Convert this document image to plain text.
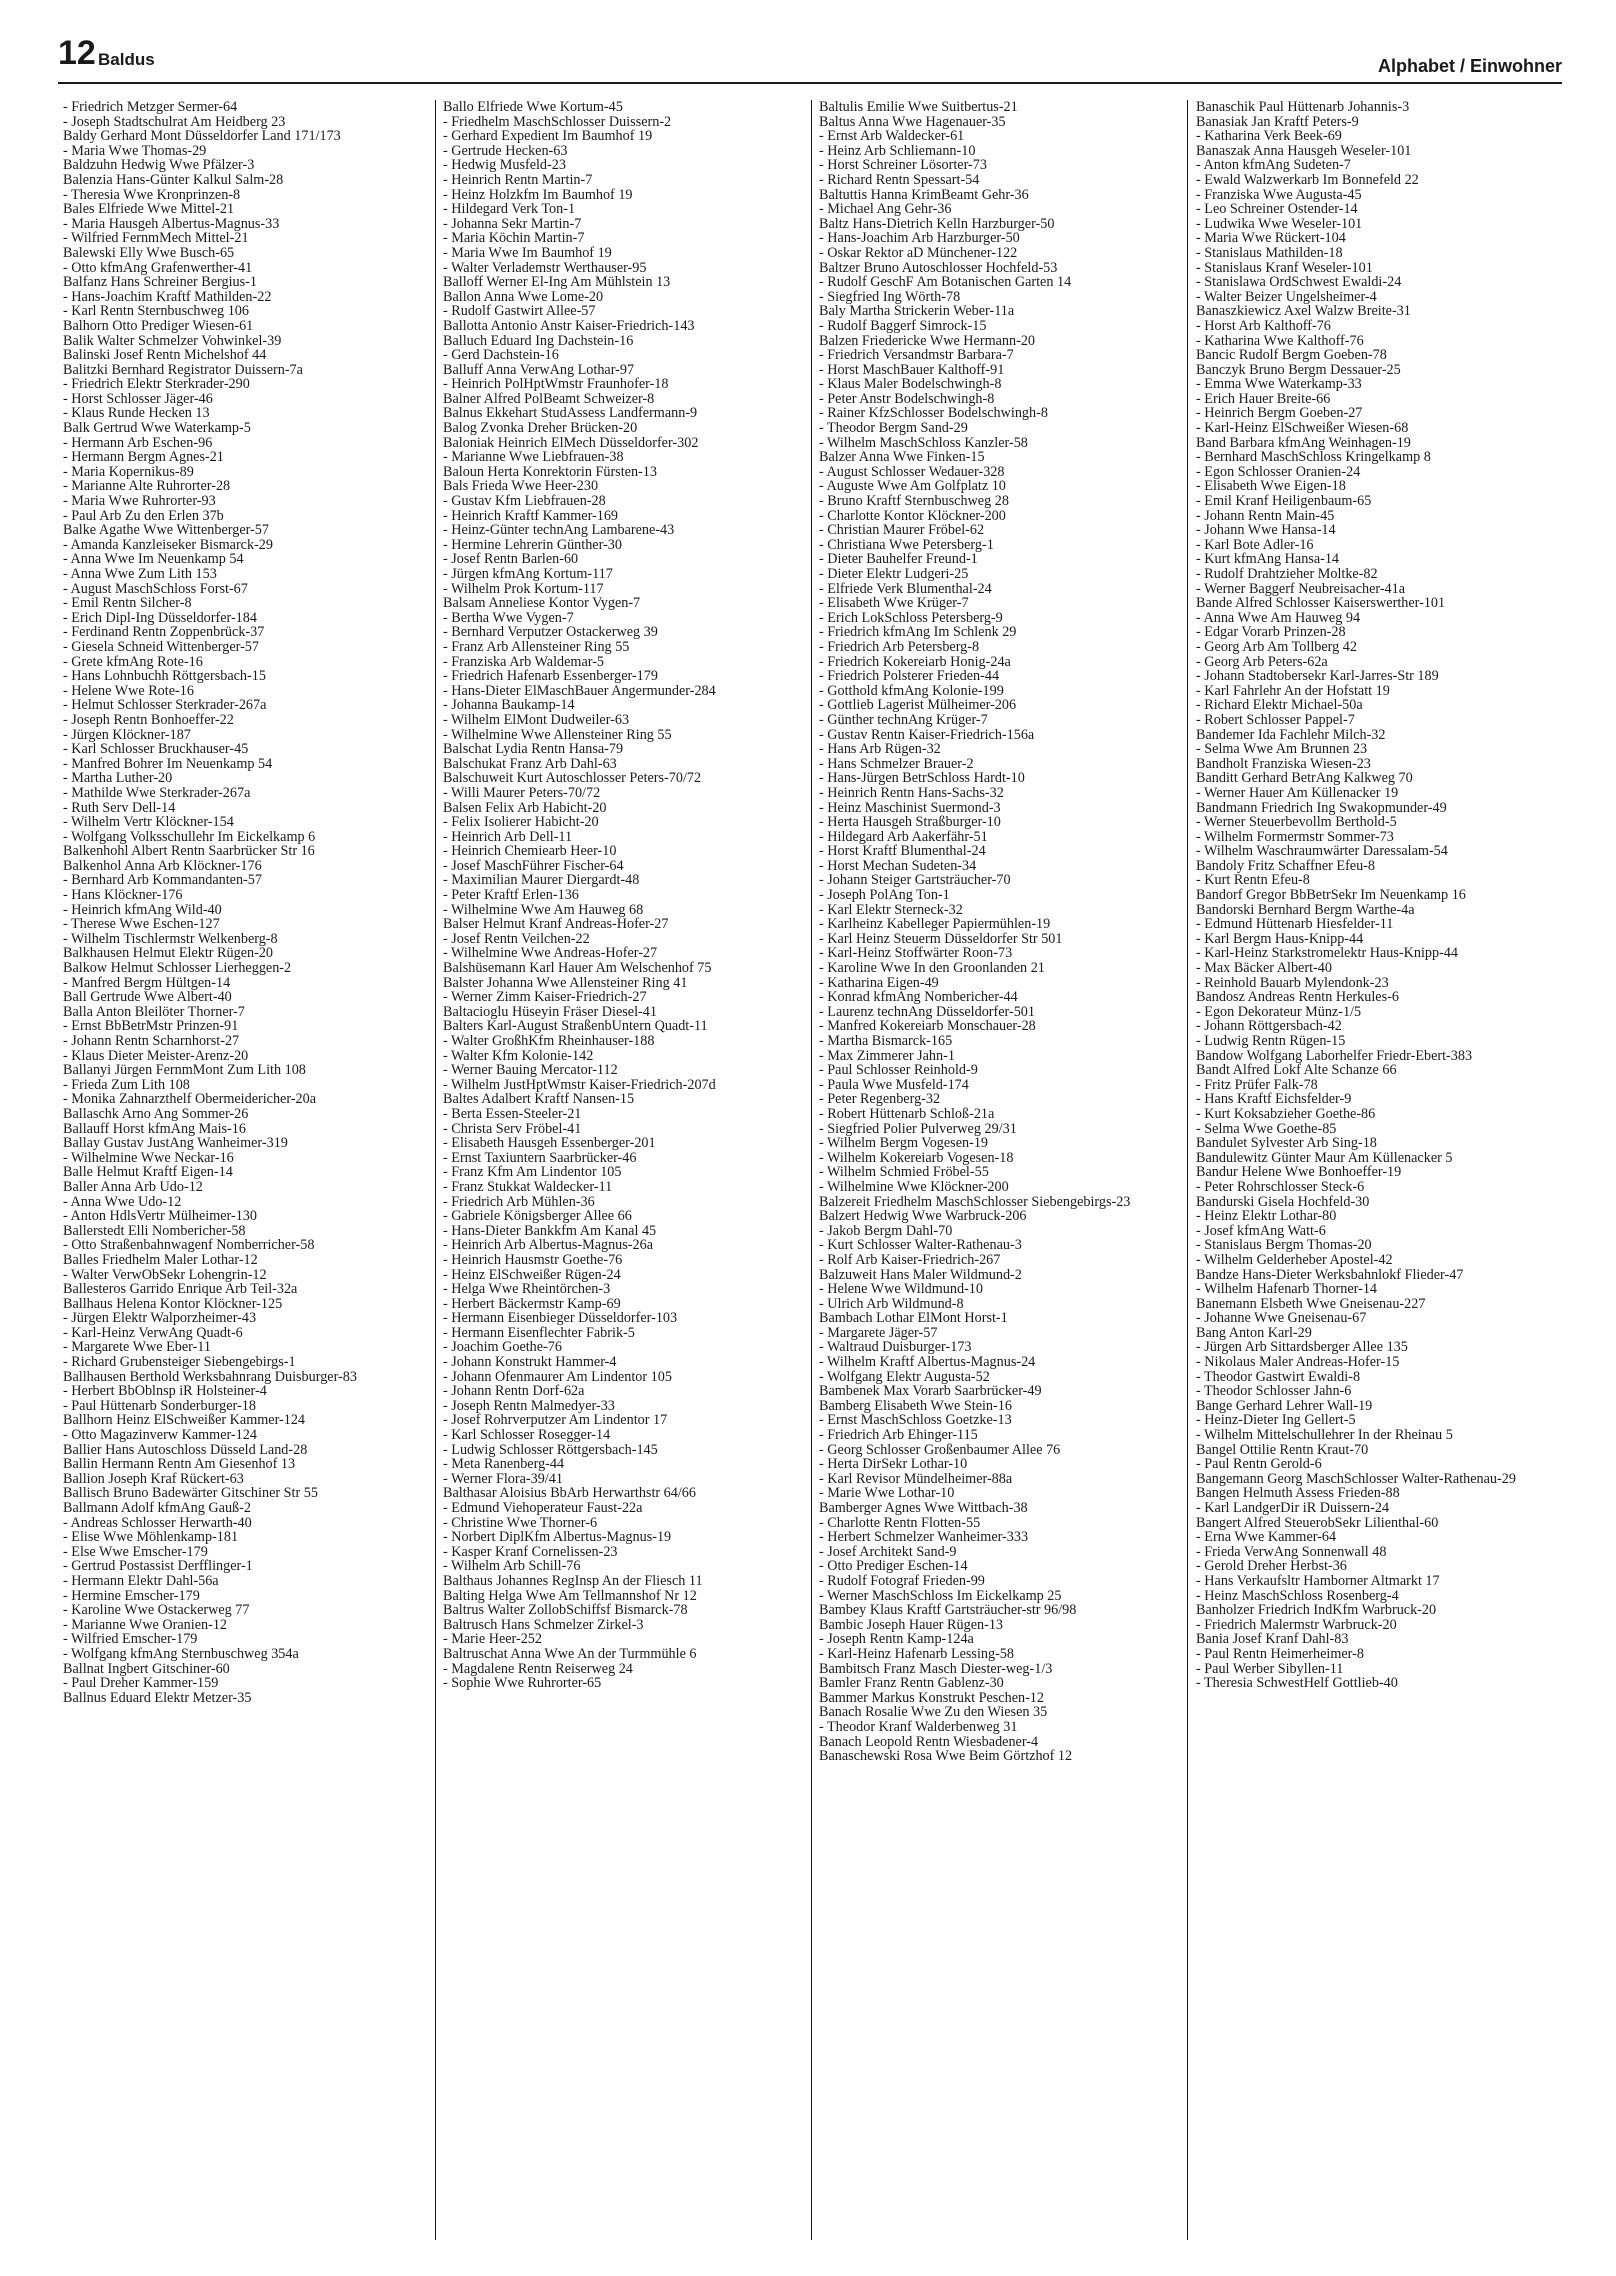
12 Baldus	Alphabet / Einwohner
- Friedrich Metzger Sermer-64
- Joseph Stadtschulrat Am Heidberg 23
Baldy Gerhard Mont Düsseldorfer Land 171/173
- Maria Wwe Thomas-29
Baldzuhn Hedwig Wwe Pfälzer-3
Balenzia Hans-Günter Kalkul Salm-28
- Theresia Wwe Kronprinzen-8
Bales Elfriede Wwe Mittel-21
- Maria Hausgeh Albertus-Magnus-33
- Wilfried FernmMech Mittel-21
Balewski Elly Wwe Busch-65
- Otto kfmAng Grafenwerther-41
Balfanz Hans Schreiner Bergius-1
- Hans-Joachim Kraftf Mathilden-22
- Karl Rentn Sternbuschweg 106
Balhorn Otto Prediger Wiesen-61
Balik Walter Schmelzer Vohwinkel-39
Balinski Josef Rentn Michelshof 44
Balitzki Bernhard Registrator Duissern-7a
- Friedrich Elektr Sterkrader-290
- Horst Schlosser Jäger-46
- Klaus Runde Hecken 13
Balk Gertrud Wwe Waterkamp-5
- Hermann Arb Eschen-96
- Hermann Bergm Agnes-21
- Maria Kopernikus-89
- Marianne Alte Ruhrorter-28
- Maria Wwe Ruhrorter-93
- Paul Arb Zu den Erlen 37b
Balke Agathe Wwe Wittenberger-57
- Amanda Kanzleiseker Bismarck-29
- Anna Wwe Im Neuenkamp 54
- Anna Wwe Zum Lith 153
- August MaschSchloss Forst-67
- Emil Rentn Silcher-8
- Erich Dipl-Ing Düsseldorfer-184
- Ferdinand Rentn Zoppenbrück-37
- Giesela Schneid Wittenberger-57
- Grete kfmAng Rote-16
- Hans Lohnbuchh Röttgersbach-15
- Helene Wwe Rote-16
- Helmut Schlosser Sterkrader-267a
- Joseph Rentn Bonhoeffer-22
- Jürgen Klöckner-187
- Karl Schlosser Bruckhauser-45
- Manfred Bohrer Im Neuenkamp 54
- Martha Luther-20
- Mathilde Wwe Sterkrader-267a
- Ruth Serv Dell-14
- Wilhelm Vertr Klöckner-154
- Wolfgang Volksschullehr Im Eickelkamp 6
Balkenhohl Albert Rentn Saarbrücker Str 16
Balkenhol Anna Arb Klöckner-176
- Bernhard Arb Kommandanten-57
- Hans Klöckner-176
- Heinrich kfmAng Wild-40
- Therese Wwe Eschen-127
- Wilhelm Tischlermstr Welkenberg-8
Balkhausen Helmut Elektr Rügen-20
Balkow Helmut Schlosser Lierheggen-2
- Manfred Bergm Hültgen-14
Ball Gertrude Wwe Albert-40
Balla Anton Bleilöter Thorner-7
- Ernst BbBetrMstr Prinzen-91
- Johann Rentn Scharnhorst-27
- Klaus Dieter Meister-Arenz-20
Ballanyi Jürgen FernmMont Zum Lith 108
- Frieda Zum Lith 108
- Monika Zahnarzthelf Obermeidericher-20a
Ballaschk Arno Ang Sommer-26
Ballauff Horst kfmAng Mais-16
Ballay Gustav JustAng Wanheimer-319
- Wilhelmine Wwe Neckar-16
Balle Helmut Kraftf Eigen-14
Baller Anna Arb Udo-12
- Anna Wwe Udo-12
- Anton HdlsVertr Mülheimer-130
Ballerstedt Elli Nombericher-58
- Otto Straßenbahnwagenf Nomberricher-58
Balles Friedhelm Maler Lothar-12
- Walter VerwObSekr Lohengrin-12
Ballesteros Garrido Enrique Arb Teil-32a
Ballhaus Helena Kontor Klöckner-125
- Jürgen Elektr Walporzheimer-43
- Karl-Heinz VerwAng Quadt-6
- Margarete Wwe Eber-11
- Richard Grubensteiger Siebengebirgs-1
Ballhausen Berthold Werksbahnrang Duisburger-83
- Herbert BbOblnsp iR Holsteiner-4
- Paul Hüttenarb Sonderburger-18
Ballhorn Heinz ElSchweißer Kammer-124
- Otto Magazinverw Kammer-124
Ballier Hans Autoschloss Düsseld Land-28
Ballin Hermann Rentn Am Giesenhof 13
Ballion Joseph Kraf Rückert-63
Ballisch Bruno Badewärter Gitschiner Str 55
Ballmann Adolf kfmAng Gauß-2
- Andreas Schlosser Herwarth-40
- Elise Wwe Möhlenkamp-181
- Else Wwe Emscher-179
- Gertrud Postassist Derfflinger-1
- Hermann Elektr Dahl-56a
- Hermine Emscher-179
- Karoline Wwe Ostackerweg 77
- Marianne Wwe Oranien-12
- Wilfried Emscher-179
- Wolfgang kfmAng Sternbuschweg 354a
Ballnat Ingbert Gitschiner-60
- Paul Dreher Kammer-159
Ballnus Eduard Elektr Metzer-35
Ballo Elfriede Wwe Kortum-45
- Friedhelm MaschSchlosser Duissern-2
- Gerhard Expedient Im Baumhof 19
- Gertrude Hecken-63
- Hedwig Musfeld-23
- Heinrich Rentn Martin-7
- Heinz Holzkfm Im Baumhof 19
- Hildegard Verk Ton-1
- Johanna Sekr Martin-7
- Maria Köchin Martin-7
- Maria Wwe Im Baumhof 19
- Walter Verlademstr Werthauser-95
Balloff Werner El-Ing Am Mühlstein 13
Ballon Anna Wwe Lome-20
- Rudolf Gastwirt Allee-57
Ballotta Antonio Anstr Kaiser-Friedrich-143
Balluch Eduard Ing Dachstein-16
- Gerd Dachstein-16
Balluff Anna VerwAng Lothar-97
- Heinrich PolHptWmstr Fraunhofer-18
Balner Alfred PolBeamt Schweizer-8
Balnus Ekkehart StudAssess Landfermann-9
Balog Zvonka Dreher Brücken-20
Baloniak Heinrich ElMech Düsseldorfer-302
- Marianne Wwe Liebfrauen-38
Baloun Herta Konrektorin Fürsten-13
Bals Frieda Wwe Heer-230
- Gustav Kfm Liebfrauen-28
- Heinrich Kraftf Kammer-169
- Heinz-Günter technAng Lambarene-43
- Hermine Lehrerin Günther-30
- Josef Rentn Barlen-60
- Jürgen kfmAng Kortum-117
- Wilhelm Prok Kortum-117
Balsam Anneliese Kontor Vygen-7
- Bertha Wwe Vygen-7
- Bernhard Verputzer Ostackerweg 39
- Franz Arb Allensteiner Ring 55
- Franziska Arb Waldemar-5
- Friedrich Hafenarb Essenberger-179
- Hans-Dieter ElMaschBauer Angermunder-284
- Johanna Baukamp-14
- Wilhelm ElMont Dudweiler-63
- Wilhelmine Wwe Allensteiner Ring 55
Balschat Lydia Rentn Hansa-79
Balschukat Franz Arb Dahl-63
Balschuweit Kurt Autoschlosser Peters-70/72
- Willi Maurer Peters-70/72
Balsen Felix Arb Habicht-20
- Felix Isolierer Habicht-20
- Heinrich Arb Dell-11
- Heinrich Chemiearb Heer-10
- Josef MaschFührer Fischer-64
- Maximilian Maurer Diergardt-48
- Peter Kraftf Erlen-136
- Wilhelmine Wwe Am Hauweg 68
Balser Helmut Kranf Andreas-Hofer-27
- Josef Rentn Veilchen-22
- Wilhelmine Wwe Andreas-Hofer-27
Balshüsemann Karl Hauer Am Welschenhof 75
Balster Johanna Wwe Allensteiner Ring 41
- Werner Zimm Kaiser-Friedrich-27
Baltacioglu Hüseyin Fräser Diesel-41
Balters Karl-August StraßenbUntern Quadt-11
- Walter GroßhKfm Rheinhauser-188
- Walter Kfm Kolonie-142
- Werner Bauing Mercator-112
- Wilhelm JustHptWmstr Kaiser-Friedrich-207d
Baltes Adalbert Kraftf Nansen-15
- Berta Essen-Steeler-21
- Christa Serv Fröbel-41
- Elisabeth Hausgeh Essenberger-201
- Ernst Taxiuntern Saarbrücker-46
- Franz Kfm Am Lindentor 105
- Franz Stukkat Waldecker-11
- Friedrich Arb Mühlen-36
- Gabriele Königsberger Allee 66
- Hans-Dieter Bankkfm Am Kanal 45
- Heinrich Arb Albertus-Magnus-26a
- Heinrich Hausmstr Goethe-76
- Heinz ElSchweißer Rügen-24
- Helga Wwe Rheintörchen-3
- Herbert Bäckermstr Kamp-69
- Hermann Eisenbieger Düsseldorfer-103
- Hermann Eisenflechter Fabrik-5
- Joachim Goethe-76
- Johann Konstrukt Hammer-4
- Johann Ofenmaurer Am Lindentor 105
- Johann Rentn Dorf-62a
- Joseph Rentn Malmedyer-33
- Josef Rohrverputzer Am Lindentor 17
- Karl Schlosser Rosegger-14
- Ludwig Schlosser Röttgersbach-145
- Meta Ranenberg-44
- Werner Flora-39/41
Balthasar Aloisius BbArb Herwarthstr 64/66
- Edmund Viehoperateur Faust-22a
- Christine Wwe Thorner-6
- Norbert DiplKfm Albertus-Magnus-19
- Kasper Kranf Cornelissen-23
- Wilhelm Arb Schill-76
Balthaus Johannes RegInsp An der Fliesch 11
Balting Helga Wwe Am Tellmannshof Nr 12
Baltrus Walter ZollobSchiffsf Bismarck-78
Baltrusch Hans Schmelzer Zirkel-3
- Marie Heer-252
Baltruschat Anna Wwe An der Turmmühle 6
- Magdalene Rentn Reiserweg 24
- Sophie Wwe Ruhrorter-65
Baltulis Emilie Wwe Suitbertus-21
Baltus Anna Wwe Hagenauer-35
- Ernst Arb Waldecker-61
- Heinz Arb Schliemann-10
- Horst Schreiner Lösorter-73
- Richard Rentn Spessart-54
Baltuttis Hanna KrimBeamt Gehr-36
- Michael Ang Gehr-36
Baltz Hans-Dietrich Kelln Harzburger-50
- Hans-Joachim Arb Harzburger-50
- Oskar Rektor aD Münchener-122
Baltzer Bruno Autoschlosser Hochfeld-53
- Rudolf GeschF Am Botanischen Garten 14
- Siegfried Ing Wörth-78
Baly Martha Strickerin Weber-11a
- Rudolf Baggerf Simrock-15
Balzen Friedericke Wwe Hermann-20
- Friedrich Versandmstr Barbara-7
- Horst MaschBauer Kalthoff-91
- Klaus Maler Bodelschwingh-8
- Peter Anstr Bodelschwingh-8
- Rainer KfzSchlosser Bodelschwingh-8
- Theodor Bergm Sand-29
- Wilhelm MaschSchloss Kanzler-58
Balzer Anna Wwe Finken-15
- August Schlosser Wedauer-328
- Auguste Wwe Am Golfplatz 10
- Bruno Kraftf Sternbuschweg 28
- Charlotte Kontor Klöckner-200
- Christian Maurer Fröbel-62
- Christiana Wwe Petersberg-1
- Dieter Bauhelfer Freund-1
- Dieter Elektr Ludgeri-25
- Elfriede Verk Blumenthal-24
- Elisabeth Wwe Krüger-7
- Erich LokSchloss Petersberg-9
- Friedrich kfmAng Im Schlenk 29
- Friedrich Arb Petersberg-8
- Friedrich Kokereiarb Honig-24a
- Friedrich Polsterer Frieden-44
- Gotthold kfmAng Kolonie-199
- Gottlieb Lagerist Mülheimer-206
- Günther technAng Krüger-7
- Gustav Rentn Kaiser-Friedrich-156a
- Hans Arb Rügen-32
- Hans Schmelzer Brauer-2
- Hans-Jürgen BetrSchloss Hardt-10
- Heinrich Rentn Hans-Sachs-32
- Heinz Maschinist Suermond-3
- Herta Hausgeh Straßburger-10
- Hildegard Arb Aakerfähr-51
- Horst Kraftf Blumenthal-24
- Horst Mechan Sudeten-34
- Johann Steiger Gartsträucher-70
- Joseph PolAng Ton-1
- Karl Elektr Sterneck-32
- Karlheinz Kabelleger Papiermühlen-19
- Karl Heinz Steuerm Düsseldorfer Str 501
- Karl-Heinz Stoffwärter Roon-73
- Karoline Wwe In den Groonlanden 21
- Katharina Eigen-49
- Konrad kfmAng Nombericher-44
- Laurenz technAng Düsseldorfer-501
- Manfred Kokereiarb Monschauer-28
- Martha Bismarck-165
- Max Zimmerer Jahn-1
- Paul Schlosser Reinhold-9
- Paula Wwe Musfeld-174
- Peter Regenberg-32
- Robert Hüttenarb Schloß-21a
- Siegfried Polier Pulverweg 29/31
- Wilhelm Bergm Vogesen-19
- Wilhelm Kokereiarb Vogesen-18
- Wilhelm Schmied Fröbel-55
- Wilhelmine Wwe Klöckner-200
Balzereit Friedhelm MaschSchlosser Siebengebirgs-23
Balzert Hedwig Wwe Warbruck-206
- Jakob Bergm Dahl-70
- Kurt Schlosser Walter-Rathenau-3
- Rolf Arb Kaiser-Friedrich-267
Balzuweit Hans Maler Wildmund-2
- Helene Wwe Wildmund-10
- Ulrich Arb Wildmund-8
Bambach Lothar ElMont Horst-1
- Margarete Jäger-57
- Waltraud Duisburger-173
- Wilhelm Kraftf Albertus-Magnus-24
- Wolfgang Elektr Augusta-52
Bambenek Max Vorarb Saarbrücker-49
Bamberg Elisabeth Wwe Stein-16
- Ernst MaschSchloss Goetzke-13
- Friedrich Arb Ehinger-115
- Georg Schlosser Großenbaumer Allee 76
- Herta DirSekr Lothar-10
- Karl Revisor Mündelheimer-88a
- Marie Wwe Lothar-10
Bamberger Agnes Wwe Wittbach-38
- Charlotte Rentn Flotten-55
- Herbert Schmelzer Wanheimer-333
- Josef Architekt Sand-9
- Otto Prediger Eschen-14
- Rudolf Fotograf Frieden-99
- Werner MaschSchloss Im Eickelkamp 25
Bambey Klaus Kraftf Gartsträucher-str 96/98
Bambic Joseph Hauer Rügen-13
- Joseph Rentn Kamp-124a
- Karl-Heinz Hafenarb Lessing-58
Bambitsch Franz Masch Diester-weg-1/3
Bamler Franz Rentn Gablenz-30
Bammer Markus Konstrukt Peschen-12
Banach Rosalie Wwe Zu den Wiesen 35
- Theodor Kranf Walderbenweg 31
Banach Leopold Rentn Wiesbadener-4
Banaschewski Rosa Wwe Beim Görtzhof 12
Banaschik Paul Hüttenarb Johannis-3
Banasiak Jan Kraftf Peters-9
- Katharina Verk Beek-69
Banaszak Anna Hausgeh Weseler-101
- Anton kfmAng Sudeten-7
- Ewald Walzwerkarb Im Bonnefeld 22
- Franziska Wwe Augusta-45
- Leo Schreiner Ostender-14
- Ludwika Wwe Weseler-101
- Maria Wwe Rückert-104
- Stanislaus Mathilden-18
- Stanislaus Kranf Weseler-101
- Stanislawa OrdSchwest Ewaldi-24
- Walter Beizer Ungelsheimer-4
Banaszkiewicz Axel Walzw Breite-31
- Horst Arb Kalthoff-76
- Katharina Wwe Kalthoff-76
Bancic Rudolf Bergm Goeben-78
Banczyk Bruno Bergm Dessauer-25
- Emma Wwe Waterkamp-33
- Erich Hauer Breite-66
- Heinrich Bergm Goeben-27
- Karl-Heinz ElSchweißer Wiesen-68
Band Barbara kfmAng Weinhagen-19
- Bernhard MaschSchloss Kringelkamp 8
- Egon Schlosser Oranien-24
- Elisabeth Wwe Eigen-18
- Emil Kranf Heiligenbaum-65
- Johann Rentn Main-45
- Johann Wwe Hansa-14
- Karl Bote Adler-16
- Kurt kfmAng Hansa-14
- Rudolf Drahtzieher Moltke-82
- Werner Baggerf Neubreisacher-41a
Bande Alfred Schlosser Kaiserswerther-101
- Anna Wwe Am Hauweg 94
- Edgar Vorarb Prinzen-28
- Georg Arb Am Tollberg 42
- Georg Arb Peters-62a
- Johann Stadtobersekr Karl-Jarres-Str 189
- Karl Fahrlehr An der Hofstatt 19
- Richard Elektr Michael-50a
- Robert Schlosser Pappel-7
Bandemer Ida Fachlehr Milch-32
- Selma Wwe Am Brunnen 23
Bandholt Franziska Wiesen-23
Banditt Gerhard BetrAng Kalkweg 70
- Werner Hauer Am Küllenacker 19
Bandmann Friedrich Ing Swakopmunder-49
- Werner Steuerbevollm Berthold-5
- Wilhelm Formermstr Sommer-73
- Wilhelm Waschraumwärter Daressalam-54
Bandoly Fritz Schaffner Efeu-8
- Kurt Rentn Efeu-8
Bandorf Gregor BbBetrSekr Im Neuenkamp 16
Bandorski Bernhard Bergm Warthe-4a
- Edmund Hüttenarb Hiesfelder-11
- Karl Bergm Haus-Knipp-44
- Karl-Heinz Starkstromelektr Haus-Knipp-44
- Max Bäcker Albert-40
- Reinhold Bauarb Mylendonk-23
Bandosz Andreas Rentn Herkules-6
- Egon Dekorateur Münz-1/5
- Johann Röttgersbach-42
- Ludwig Rentn Rügen-15
Bandow Wolfgang Laborhelfer Friedr-Ebert-383
Bandt Alfred Lokf Alte Schanze 66
- Fritz Prüfer Falk-78
- Hans Kraftf Eichsfelder-9
- Kurt Koksabzieher Goethe-86
- Selma Wwe Goethe-85
Bandulet Sylvester Arb Sing-18
Bandulewitz Günter Maur Am Küllenacker 5
Bandur Helene Wwe Bonhoeffer-19
- Peter Rohrschlosser Steck-6
Bandurski Gisela Hochfeld-30
- Heinz Elektr Lothar-80
- Josef kfmAng Watt-6
- Stanislaus Bergm Thomas-20
- Wilhelm Gelderheber Apostel-42
Bandze Hans-Dieter Werksbahnlokf Flieder-47
- Wilhelm Hafenarb Thorner-14
Banemann Elsbeth Wwe Gneisenau-227
- Johanne Wwe Gneisenau-67
Bang Anton Karl-29
- Jürgen Arb Sittardsberger Allee 135
- Nikolaus Maler Andreas-Hofer-15
- Theodor Gastwirt Ewaldi-8
- Theodor Schlosser Jahn-6
Bange Gerhard Lehrer Wall-19
- Heinz-Dieter Ing Gellert-5
- Wilhelm Mittelschullehrer In der Rheinau 5
Bangel Ottilie Rentn Kraut-70
- Paul Rentn Gerold-6
Bangemann Georg MaschSchlosser Walter-Rathenau-29
Bangen Helmuth Assess Frieden-88
- Karl LandgerDir iR Duissern-24
Bangert Alfred SteuerobSekr Lilienthal-60
- Erna Wwe Kammer-64
- Frieda VerwAng Sonnenwall 48
- Gerold Dreher Herbst-36
- Hans Verkaufsltr Hamborner Altmarkt 17
- Heinz MaschSchloss Rosenberg-4
Banholzer Friedrich IndKfm Warbruck-20
- Friedrich Malermstr Warbruck-20
Bania Josef Kranf Dahl-83
- Paul Rentn Heimerheimer-8
- Paul Werber Sibyllen-11
- Theresia SchwestHelf Gottlieb-40
